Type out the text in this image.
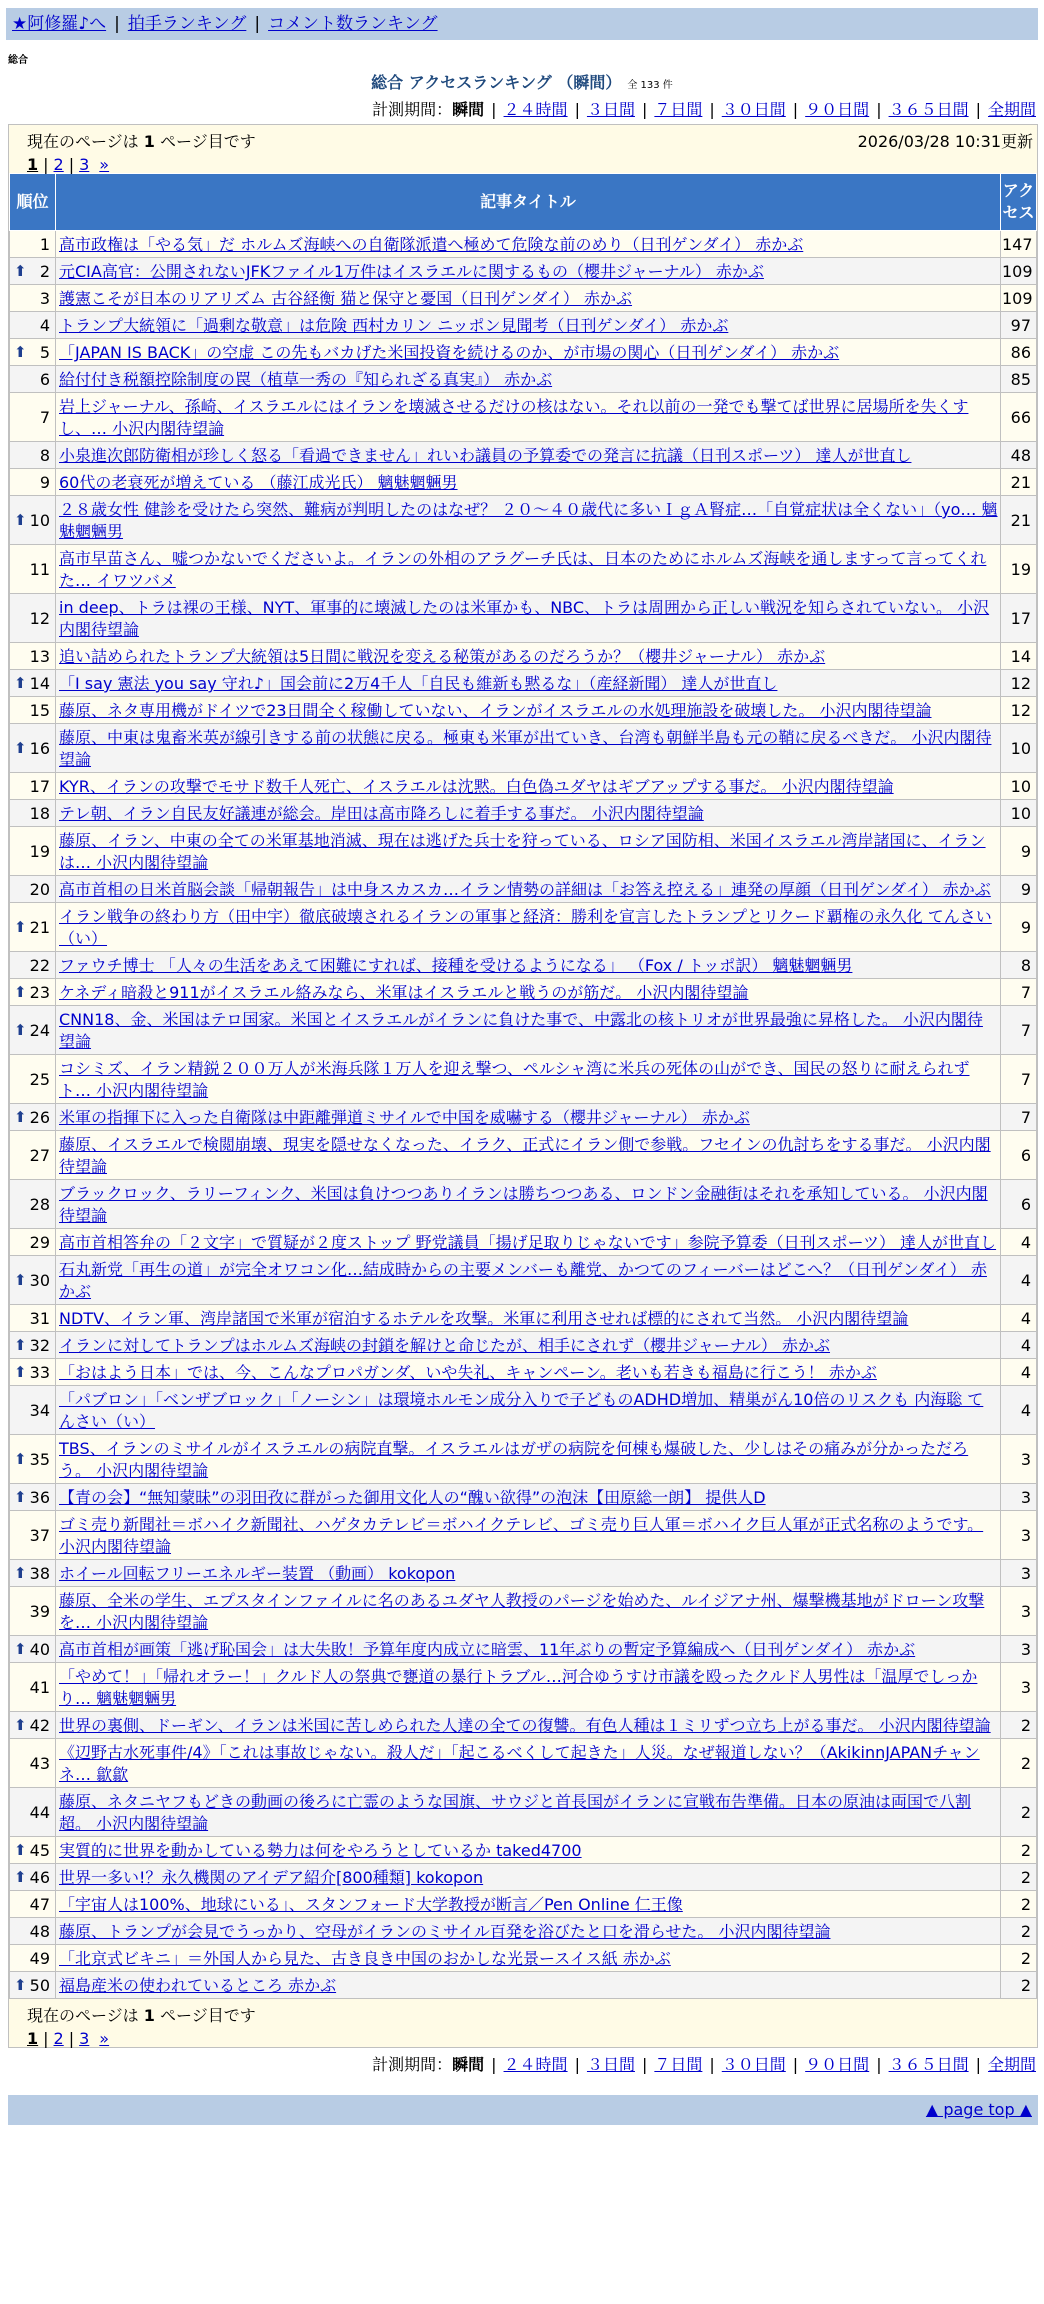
★阿修羅♪へ | 拍手ランキング | コメント数ランキング
総合
総合 アクセスランキング （瞬間） 全 133 件
計測期間：瞬間 | ２４時間 | ３日間 | ７日間 | ３０日間 | ９０日間 | ３６５日間 | 全期間
現在のページは 1 ページ目です	2026/03/28 10:31更新
1 | 2 | 3 »
順位	記事タイトル	アクセス
1	高市政権は「やる気」だ ホルムズ海峡への自衛隊派遣へ極めて危険な前のめり（日刊ゲンダイ） 赤かぶ	147

⬆ 2	元CIA高官：公開されないJFKファイル1万件はイスラエルに関するもの（櫻井ジャーナル） 赤かぶ	109
3	護憲こそが日本のリアリズム 古谷経衡 猫と保守と憂国（日刊ゲンダイ） 赤かぶ	109
4	トランプ大統領に「過剰な敬意」は危険 西村カリン ニッポン見聞考（日刊ゲンダイ） 赤かぶ	97

⬆ 5	「JAPAN IS BACK」の空虚 この先もバカげた米国投資を続けるのか、が市場の関心（日刊ゲンダイ） 赤かぶ	86
6	給付付き税額控除制度の罠（植草一秀の『知られざる真実』） 赤かぶ	85
7	岩上ジャーナル、孫崎、イスラエルにはイランを壊滅させるだけの核はない。それ以前の一発でも撃てば世界に居場所を失くすし、… 小沢内閣待望論	66
8	小泉進次郎防衛相が珍しく怒る「看過できません」れいわ議員の予算委での発言に抗議（日刊スポーツ） 達人が世直し	48
9	60代の老衰死が増えている （藤江成光氏） 魑魅魍魎男	21

⬆ 10	２８歳女性 健診を受けたら突然、難病が判明したのはなぜ？ ２０～４０歳代に多いＩｇＡ腎症…「自覚症状は全くない」（yo… 魑魅魍魎男	21
11	高市早苗さん、嘘つかないでくださいよ。イランの外相のアラグーチ氏は、日本のためにホルムズ海峡を通しますって言ってくれた… イワツバメ	19
12	in deep、トラは裸の王様、NYT、軍事的に壊滅したのは米軍かも、NBC、トラは周囲から正しい戦況を知らされていない。 小沢内閣待望論	17
13	追い詰められたトランプ大統領は5日間に戦況を変える秘策があるのだろうか？（櫻井ジャーナル） 赤かぶ	14

⬆ 14	「I say 憲法 you say 守れ♪」国会前に2万4千人「自民も維新も黙るな」（産経新聞） 達人が世直し	12
15	藤原、ネタ専用機がドイツで23日間全く稼働していない、イランがイスラエルの水処理施設を破壊した。 小沢内閣待望論	12

⬆ 16	藤原、中東は鬼畜米英が線引きする前の状態に戻る。極東も米軍が出ていき、台湾も朝鮮半島も元の鞘に戻るべきだ。 小沢内閣待望論	10
17	KYR、イランの攻撃でモサド数千人死亡、イスラエルは沈黙。白色偽ユダヤはギブアップする事だ。 小沢内閣待望論	10
18	テレ朝、イラン自民友好議連が総会。岸田は高市降ろしに着手する事だ。 小沢内閣待望論	10
19	藤原、イラン、中東の全ての米軍基地消滅、現在は逃げた兵士を狩っている、ロシア国防相、米国イスラエル湾岸諸国に、イランは… 小沢内閣待望論	9
20	高市首相の日米首脳会談「帰朝報告」は中身スカスカ…イラン情勢の詳細は「お答え控える」連発の厚顔（日刊ゲンダイ） 赤かぶ	9

⬆ 21	イラン戦争の終わり方（田中宇）徹底破壊されるイランの軍事と経済：勝利を宣言したトランプとリクード覇権の永久化 てんさい（い）	9
22	ファウチ博士 「人々の生活をあえて困難にすれば、接種を受けるようになる」 （Fox / トッポ訳） 魑魅魍魎男	8

⬆ 23	ケネディ暗殺と911がイスラエル絡みなら、米軍はイスラエルと戦うのが筋だ。 小沢内閣待望論	7

⬆ 24	CNN18、金、米国はテロ国家。米国とイスラエルがイランに負けた事で、中露北の核トリオが世界最強に昇格した。 小沢内閣待望論	7
25	コシミズ、イラン精鋭２００万人が米海兵隊１万人を迎え撃つ、ペルシャ湾に米兵の死体の山ができ、国民の怒りに耐えられずト… 小沢内閣待望論	7

⬆ 26	米軍の指揮下に入った自衛隊は中距離弾道ミサイルで中国を威嚇する（櫻井ジャーナル） 赤かぶ	7
27	藤原、イスラエルで検閲崩壊、現実を隠せなくなった、イラク、正式にイラン側で参戦。フセインの仇討ちをする事だ。 小沢内閣待望論	6
28	ブラックロック、ラリーフィンク、米国は負けつつありイランは勝ちつつある、ロンドン金融街はそれを承知している。 小沢内閣待望論	6
29	高市首相答弁の「２文字」で質疑が２度ストップ 野党議員「揚げ足取りじゃないです」参院予算委（日刊スポーツ） 達人が世直し	4

⬆ 30	石丸新党「再生の道」が完全オワコン化…結成時からの主要メンバーも離党、かつてのフィーバーはどこへ？（日刊ゲンダイ） 赤かぶ	4
31	NDTV、イラン軍、湾岸諸国で米軍が宿泊するホテルを攻撃。米軍に利用させれば標的にされて当然。 小沢内閣待望論	4

⬆ 32	イランに対してトランプはホルムズ海峡の封鎖を解けと命じたが、相手にされず（櫻井ジャーナル） 赤かぶ	4

⬆ 33	「おはよう日本」では、今、こんなプロパガンダ、いや失礼、キャンペーン。老いも若きも福島に行こう！ 赤かぶ	4
34	「パブロン」「ベンザブロック」「ノーシン」は環境ホルモン成分入りで子どものADHD増加、精巣がん10倍のリスクも 内海聡 てんさい（い）	4

⬆ 35	TBS、イランのミサイルがイスラエルの病院直撃。イスラエルはガザの病院を何棟も爆破した、少しはその痛みが分かっただろう。 小沢内閣待望論	3

⬆ 36	【青の会】“無知蒙昧”の羽田孜に群がった御用文化人の“醜い欲得”の泡沫【田原総一朗】 提供人D	3
37	ゴミ売り新聞社＝ボハイク新聞社、ハゲタカテレビ＝ボハイクテレビ、ゴミ売り巨人軍＝ボハイク巨人軍が正式名称のようです。 小沢内閣待望論	3

⬆ 38	ホイール回転フリーエネルギー装置 （動画） kokopon	3
39	藤原、全米の学生、エプスタインファイルに名のあるユダヤ人教授のパージを始めた、ルイジアナ州、爆撃機基地がドローン攻撃を… 小沢内閣待望論	3

⬆ 40	高市首相が画策「逃げ恥国会」は大失敗！予算年度内成立に暗雲、11年ぶりの暫定予算編成へ（日刊ゲンダイ） 赤かぶ	3
41	「やめて！」「帰れオラー！」クルド人の祭典で甕道の暴行トラブル…河合ゆうすけ市議を殴ったクルド人男性は「温厚でしっかり… 魑魅魍魎男	3

⬆ 42	世界の裏側、ドーギン、イランは米国に苦しめられた人達の全ての復讐。有色人種は１ミリずつ立ち上がる事だ。 小沢内閣待望論	2
43	《辺野古水死事件/4》「これは事故じゃない。殺人だ」「起こるべくして起きた」人災。なぜ報道しない？（AkikinnJAPANチャンネ… 歙歙	2
44	藤原、ネタニヤフもどきの動画の後ろに亡霊のような国旗、サウジと首長国がイランに宣戦布告準備。日本の原油は両国で八割超。 小沢内閣待望論	2

⬆ 45	実質的に世界を動かしている勢力は何をやろうとしているか taked4700	2

⬆ 46	世界一多い!？永久機関のアイデア紹介[800種類] kokopon	2
47	「宇宙人は100%、地球にいる」、スタンフォード大学教授が断言／Pen Online 仁王像	2
48	藤原、トランプが会見でうっかり、空母がイランのミサイル百発を浴びたと口を滑らせた。 小沢内閣待望論	2
49	「北京式ビキニ」＝外国人から見た、古き良き中国のおかしな光景ースイス紙 赤かぶ	2

⬆ 50	福島産米の使われているところ 赤かぶ	2
現在のページは 1 ページ目です
1 | 2 | 3 »
計測期間：瞬間 | ２４時間 | ３日間 | ７日間 | ３０日間 | ９０日間 | ３６５日間 | 全期間
▲ page top ▲
